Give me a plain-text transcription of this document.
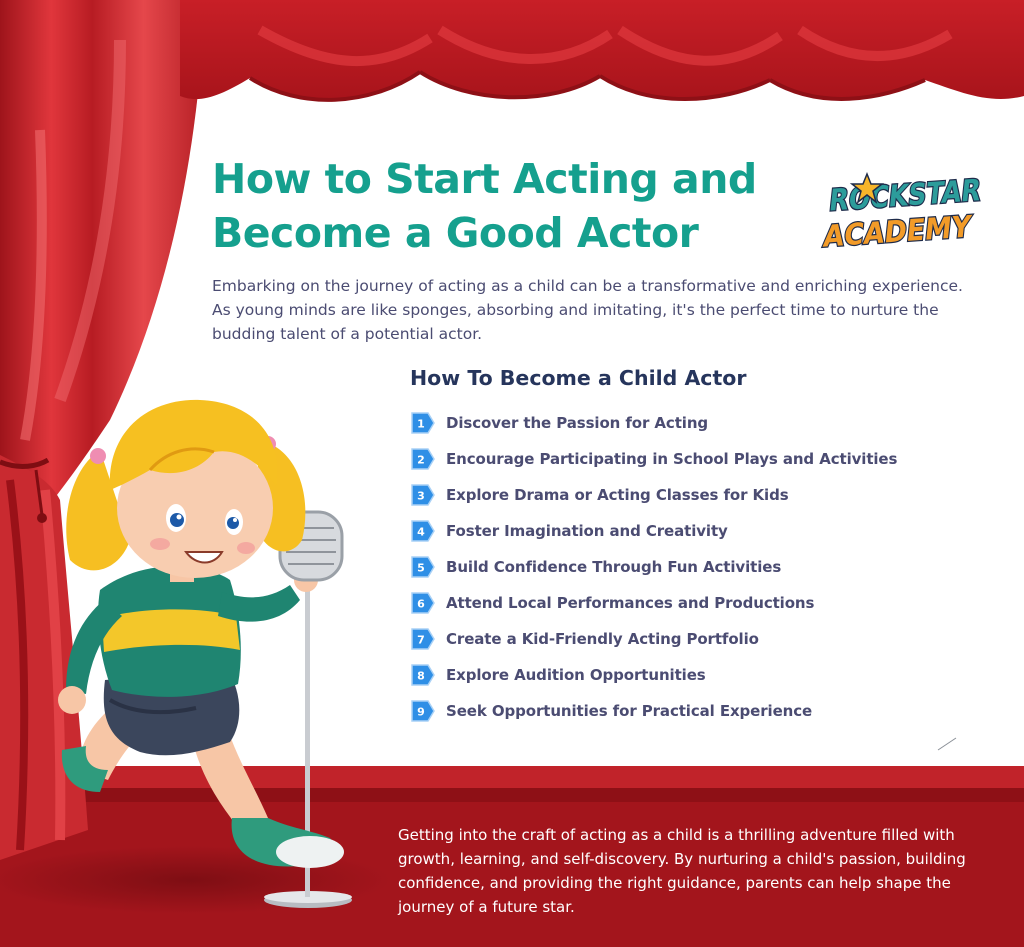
How to Start Acting and
Become a Good Actor

Embarking on the journey of acting as a child can be a transformative and enriching experience. As young minds are like sponges, absorbing and imitating, it's the perfect time to nurture the budding talent of a potential actor.

How To Become a Child Actor
1 Discover the Passion for Acting
2 Encourage Participating in School Plays and Activities
3 Explore Drama or Acting Classes for Kids
4 Foster Imagination and Creativity
5 Build Confidence Through Fun Activities
6 Attend Local Performances and Productions
7 Create a Kid-Friendly Acting Portfolio
8 Explore Audition Opportunities
9 Seek Opportunities for Practical Experience

Getting into the craft of acting as a child is a thrilling adventure filled with growth, learning, and self-discovery. By nurturing a child's passion, building confidence, and providing the right guidance, parents can help shape the journey of a future star.

ROCKSTAR
ACADEMY
